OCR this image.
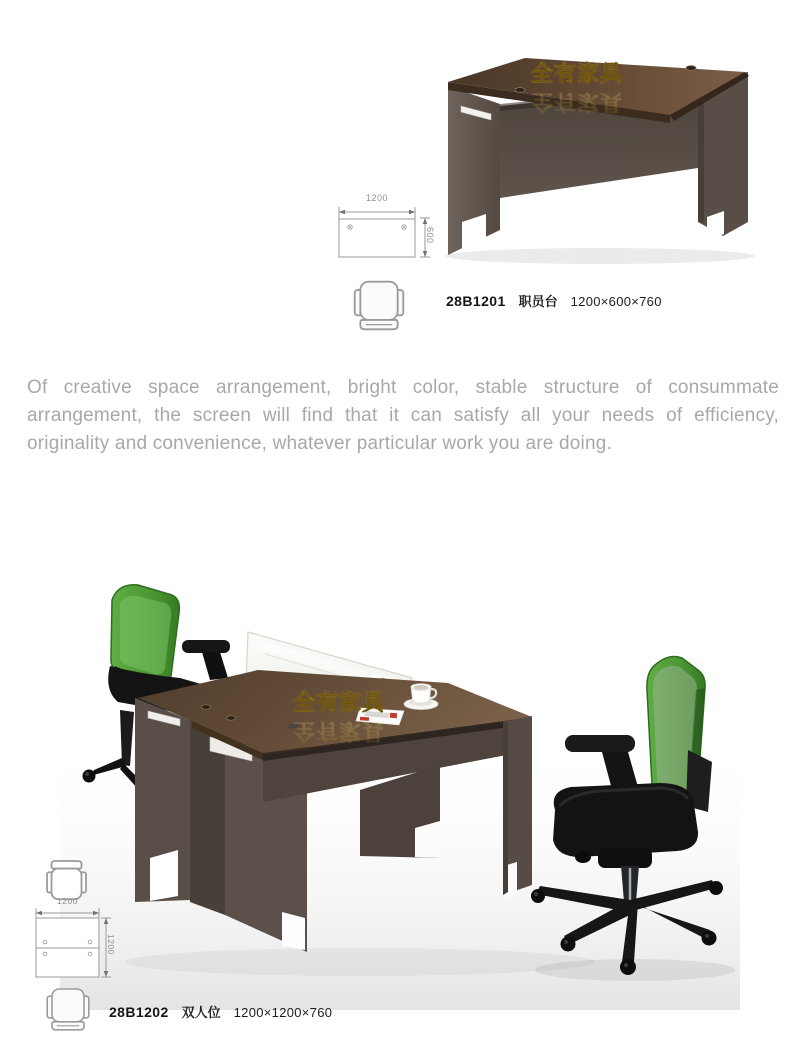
1200
600
28B1201 职员台 1200×600×760

Of creative space arrangement, bright color, stable structure of consummate arrangement, the screen will find that it can satisfy all your needs of efficiency, originality and convenience, whatever particular work you are doing.

1200
1200
28B1202 双人位 1200×1200×760
